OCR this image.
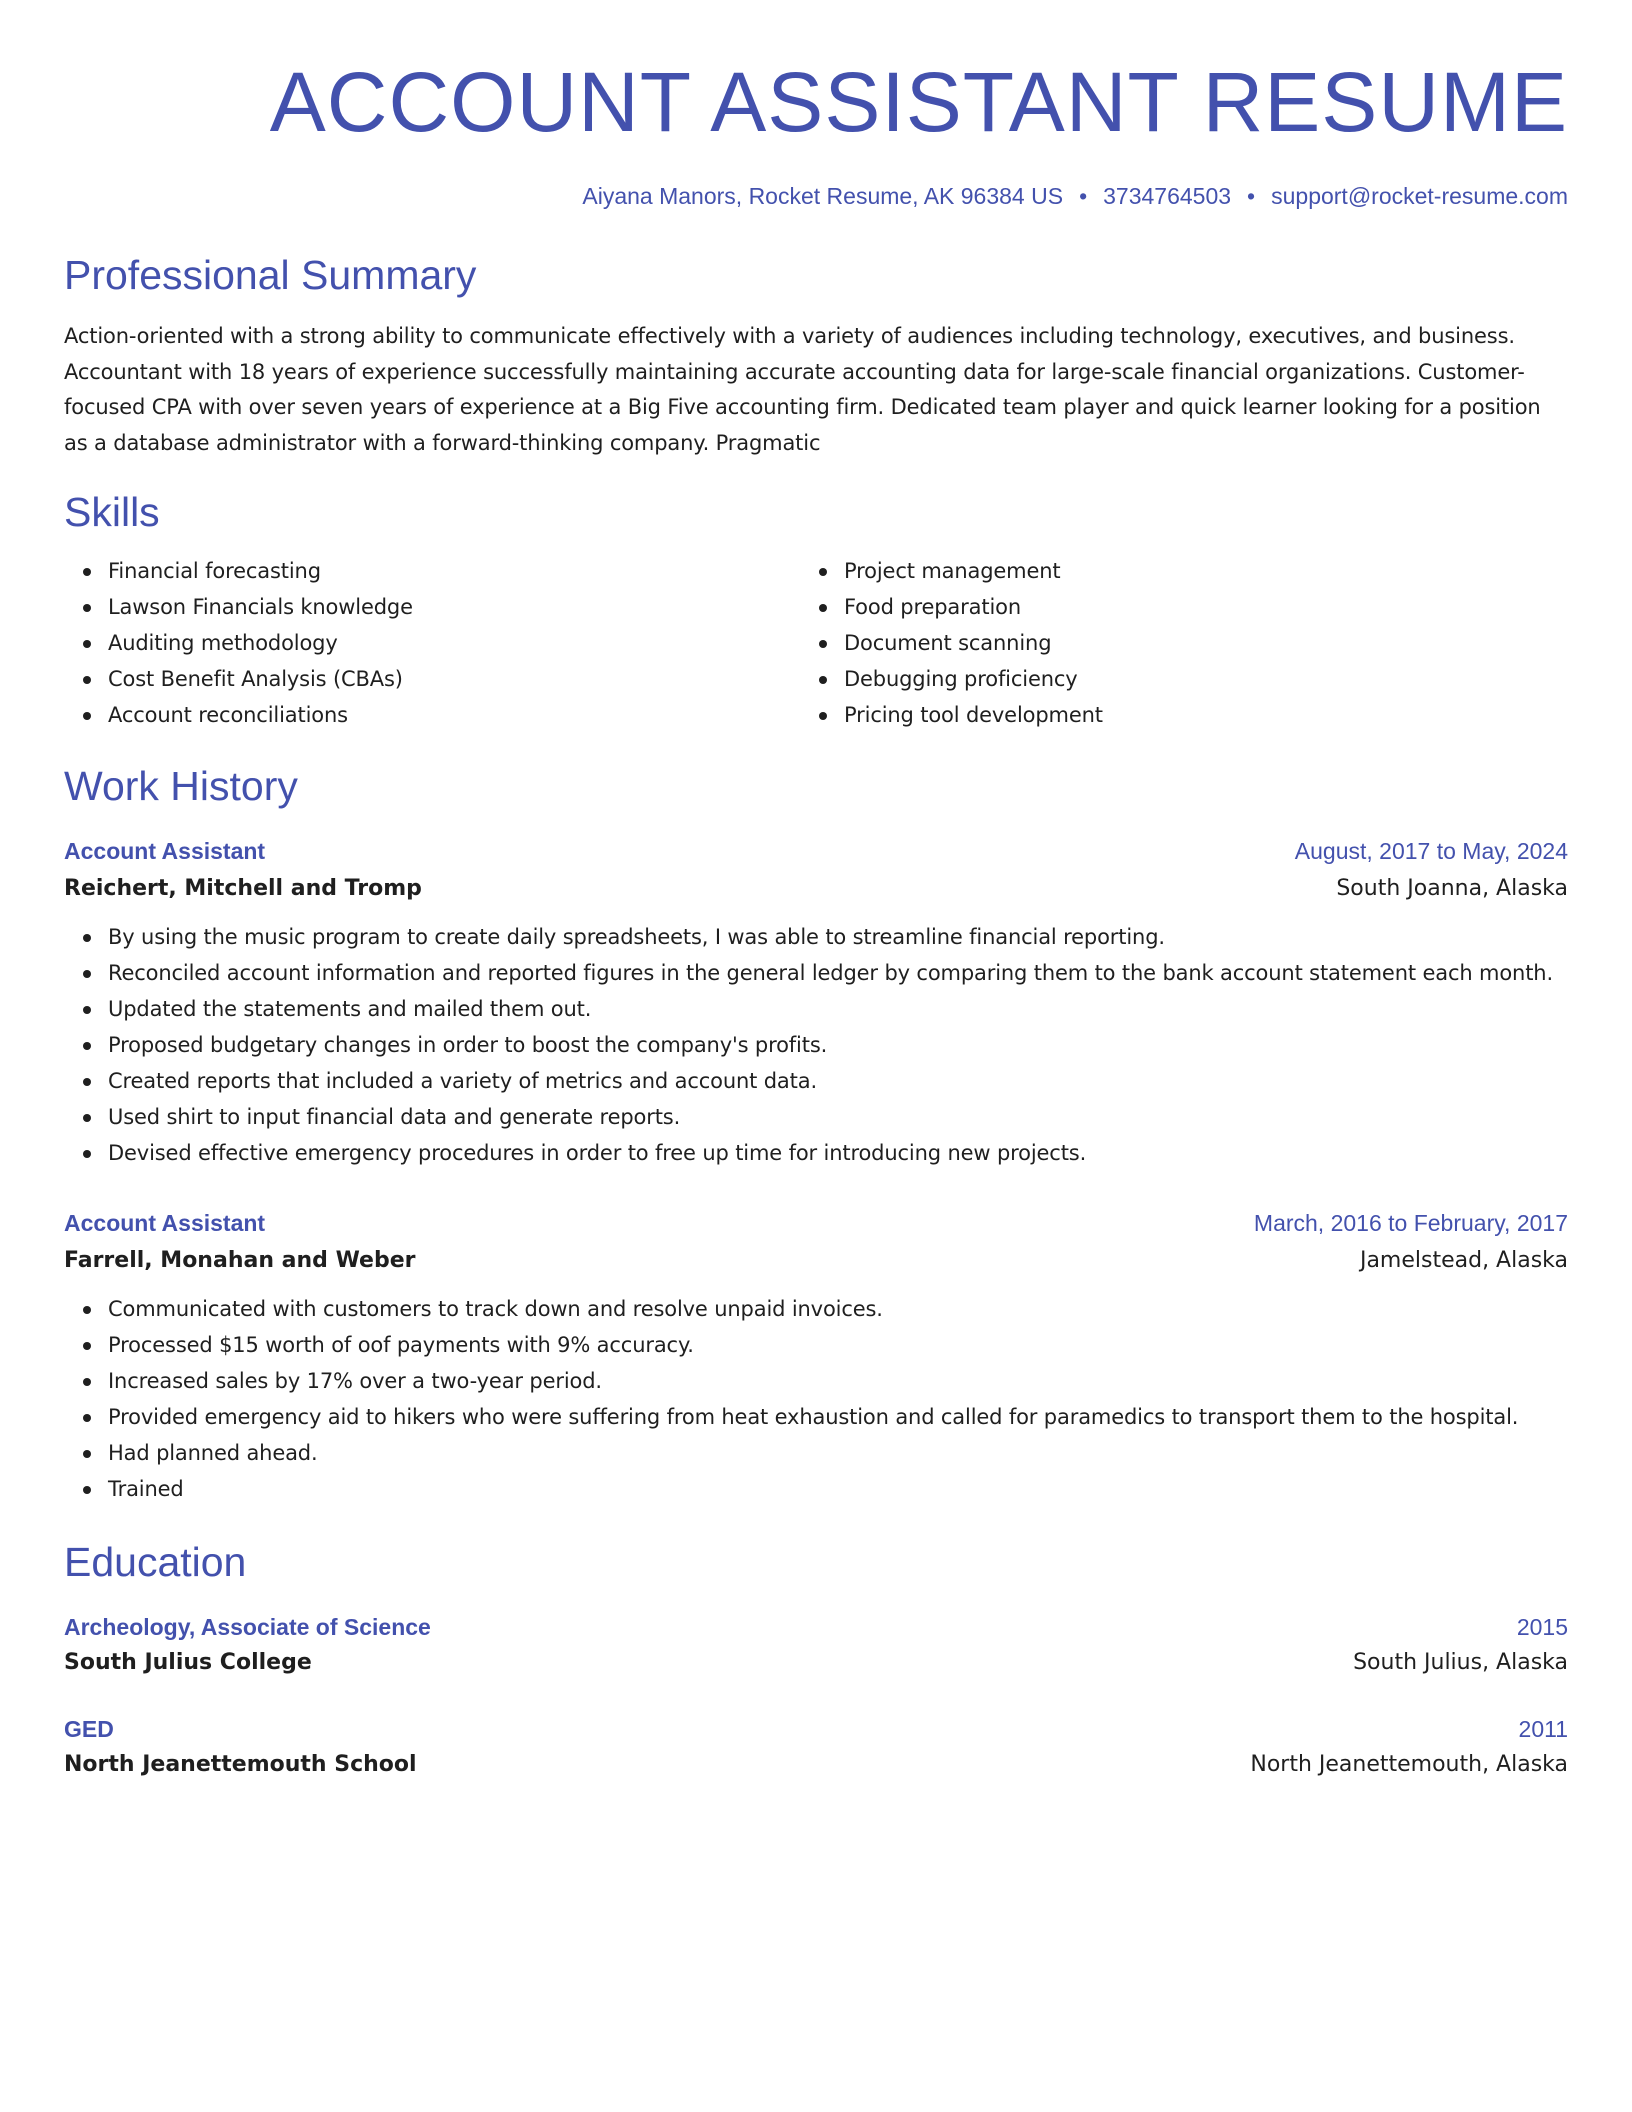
ACCOUNT ASSISTANT RESUME
Aiyana Manors, Rocket Resume, AK 96384 US • 3734764503 • support@rocket-resume.com
Professional Summary
Action-oriented with a strong ability to communicate effectively with a variety of audiences including technology, executives, and business. Accountant with 18 years of experience successfully maintaining accurate accounting data for large-scale financial organizations. Customer-focused CPA with over seven years of experience at a Big Five accounting firm. Dedicated team player and quick learner looking for a position as a database administrator with a forward-thinking company. Pragmatic
Skills
Financial forecasting
Lawson Financials knowledge
Auditing methodology
Cost Benefit Analysis (CBAs)
Account reconciliations
Project management
Food preparation
Document scanning
Debugging proficiency
Pricing tool development
Work History
Account Assistant	August, 2017 to May, 2024
Reichert, Mitchell and Tromp	South Joanna, Alaska
By using the music program to create daily spreadsheets, I was able to streamline financial reporting.
Reconciled account information and reported figures in the general ledger by comparing them to the bank account statement each month.
Updated the statements and mailed them out.
Proposed budgetary changes in order to boost the company's profits.
Created reports that included a variety of metrics and account data.
Used shirt to input financial data and generate reports.
Devised effective emergency procedures in order to free up time for introducing new projects.
Account Assistant	March, 2016 to February, 2017
Farrell, Monahan and Weber	Jamelstead, Alaska
Communicated with customers to track down and resolve unpaid invoices.
Processed $15 worth of oof payments with 9% accuracy.
Increased sales by 17% over a two-year period.
Provided emergency aid to hikers who were suffering from heat exhaustion and called for paramedics to transport them to the hospital.
Had planned ahead.
Trained
Education
Archeology, Associate of Science	2015
South Julius College	South Julius, Alaska
GED	2011
North Jeanettemouth School	North Jeanettemouth, Alaska
